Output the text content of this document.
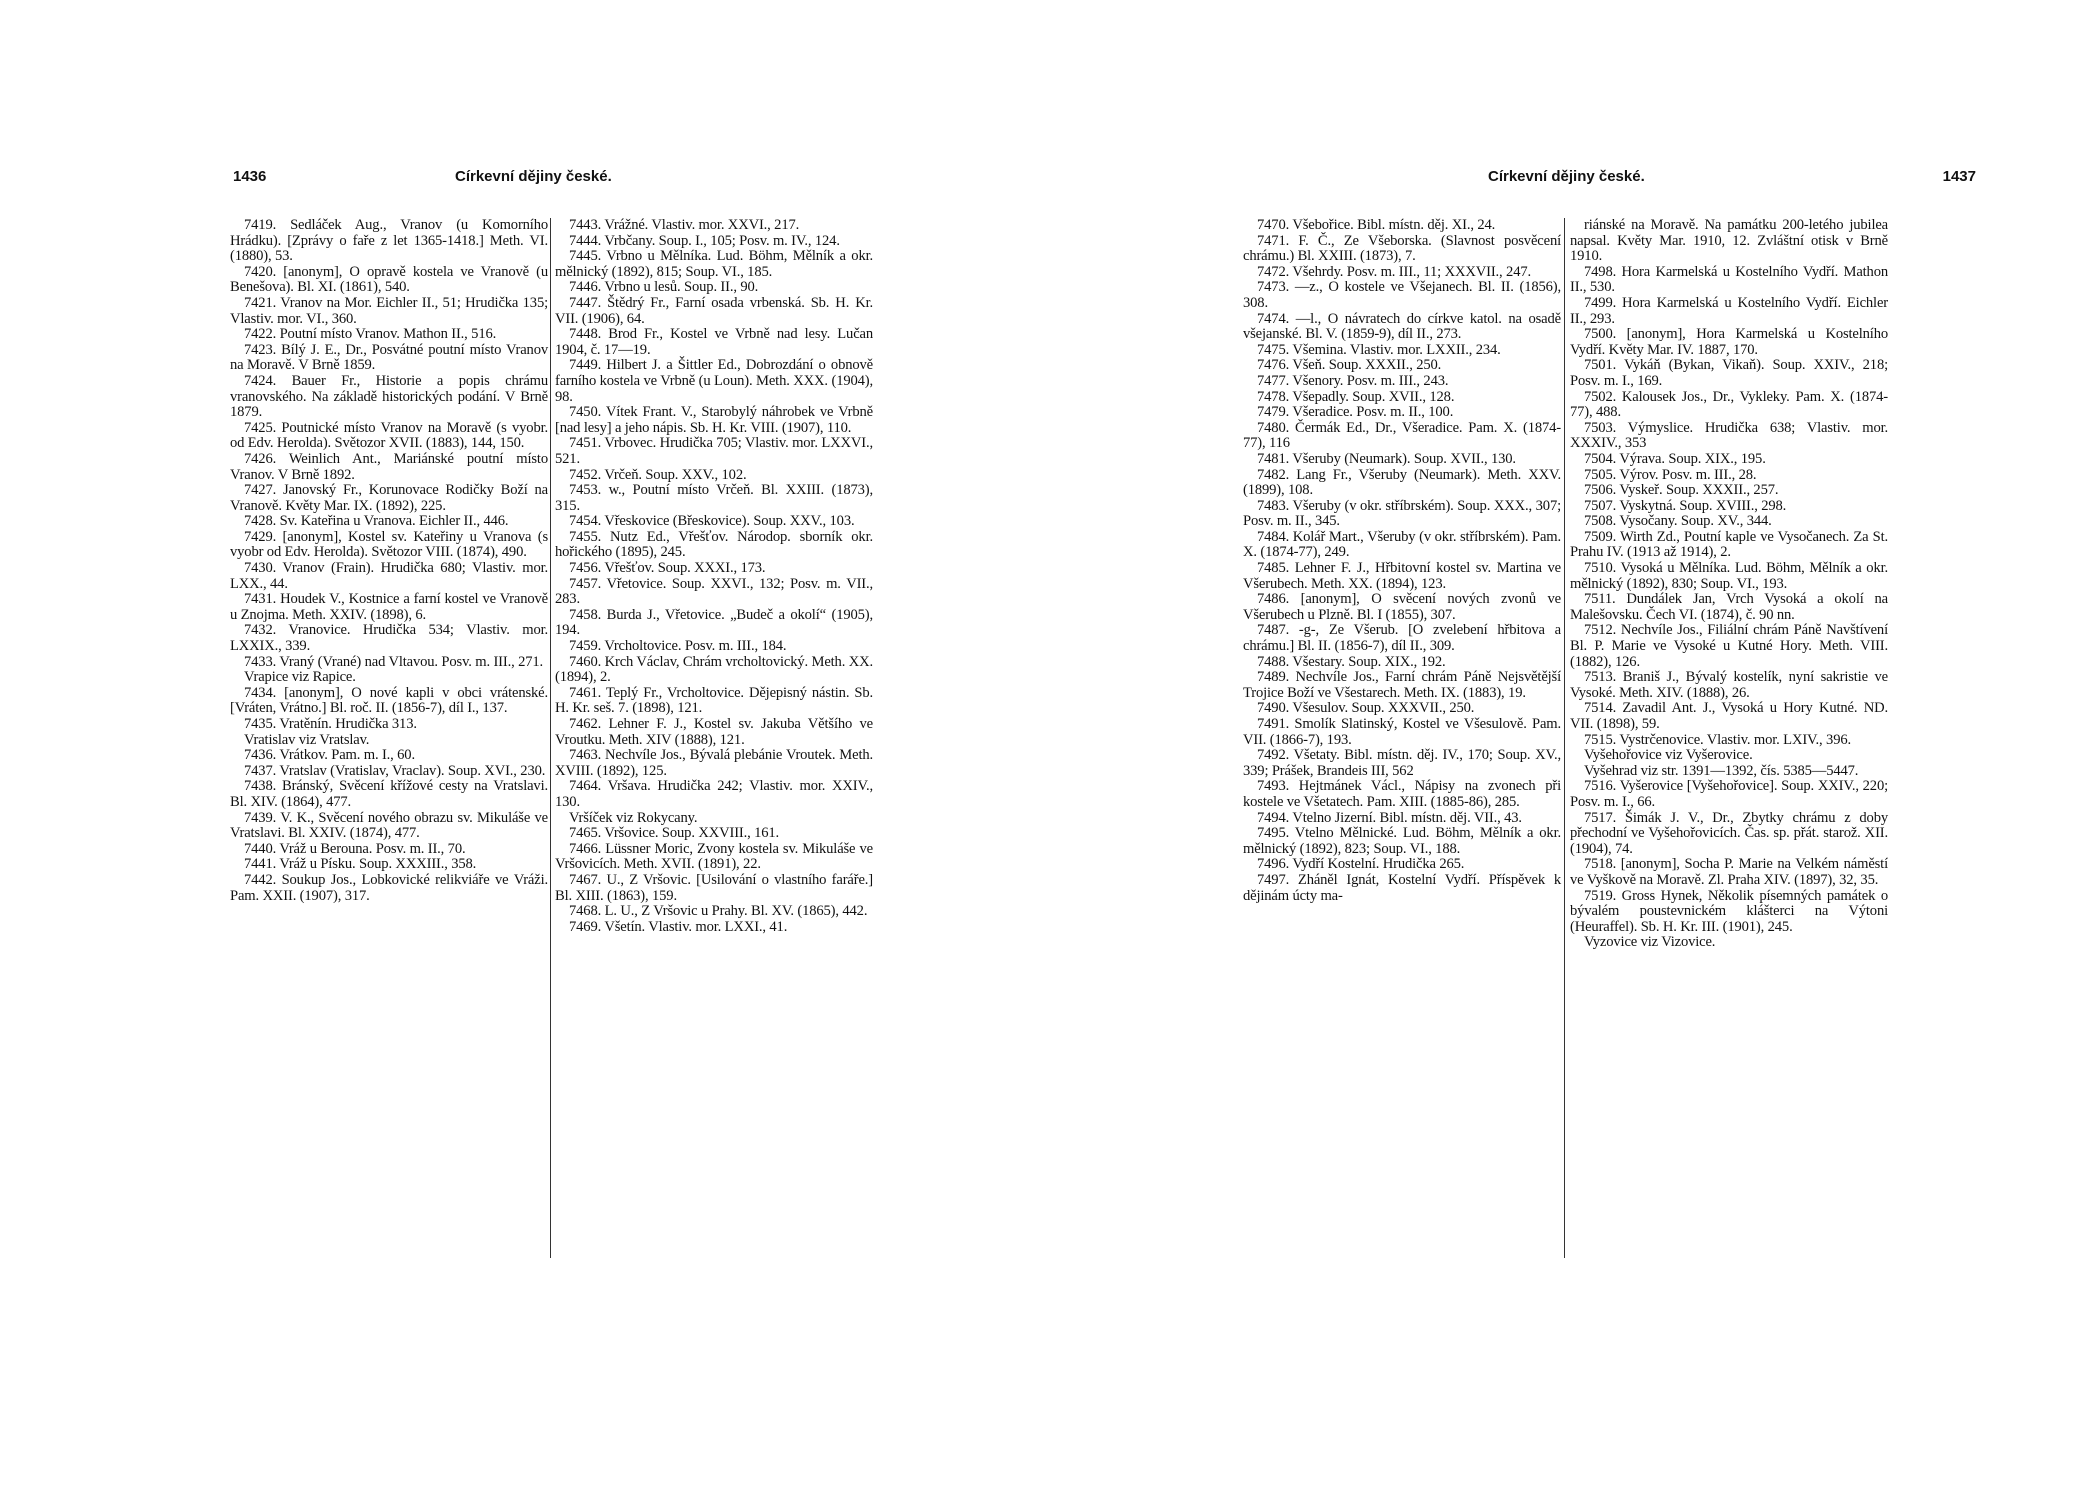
1436	Církevní dějiny české.	Církevní dějiny české.	1437

7419. Sedláček Aug., Vranov (u Komorního Hrádku). [Zprávy o faře z let 1365-1418.] Meth. VI. (1880), 53.

7420. [anonym], O opravě kostela ve Vranově (u Benešova). Bl. XI. (1861), 540.

7421. Vranov na Mor. Eichler II., 51; Hrudička 135; Vlastiv. mor. VI., 360.

7422. Poutní místo Vranov. Mathon II., 516.

7423. Bílý J. E., Dr., Posvátné poutní místo Vranov na Moravě. V Brně 1859.

7424. Bauer Fr., Historie a popis chrámu vranovského. Na základě historických podání. V Brně 1879.

7425. Poutnické místo Vranov na Moravě (s vyobr. od Edv. Herolda). Světozor XVII. (1883), 144, 150.

7426. Weinlich Ant., Mariánské poutní místo Vranov. V Brně 1892.

7427. Janovský Fr., Korunovace Rodičky Boží na Vranově. Květy Mar. IX. (1892), 225.

7428. Sv. Kateřina u Vranova. Eichler II., 446.

7429. [anonym], Kostel sv. Kateřiny u Vranova (s vyobr od Edv. Herolda). Světozor VIII. (1874), 490.

7430. Vranov (Frain). Hrudička 680; Vlastiv. mor. LXX., 44.

7431. Houdek V., Kostnice a farní kostel ve Vranově u Znojma. Meth. XXIV. (1898), 6.

7432. Vranovice. Hrudička 534; Vlastiv. mor. LXXIX., 339.

7433. Vraný (Vrané) nad Vltavou. Posv. m. III., 271.

Vrapice viz Rapice.

7434. [anonym], O nové kapli v obci vrátenské. [Vráten, Vrátno.] Bl. roč. II. (1856-7), díl I., 137.

7435. Vratěnín. Hrudička 313.

Vratislav viz Vratslav.

7436. Vrátkov. Pam. m. I., 60.

7437. Vratslav (Vratislav, Vraclav). Soup. XVI., 230.

7438. Bránský, Svěcení křížové cesty na Vratslavi. Bl. XIV. (1864), 477.

7439. V. K., Svěcení nového obrazu sv. Mikuláše ve Vratslavi. Bl. XXIV. (1874), 477.

7440. Vráž u Berouna. Posv. m. II., 70.

7441. Vráž u Písku. Soup. XXXIII., 358.

7442. Soukup Jos., Lobkovické relikviáře ve Vráži. Pam. XXII. (1907), 317.

7443. Vrážné. Vlastiv. mor. XXVI., 217.

7444. Vrbčany. Soup. I., 105; Posv. m. IV., 124.

7445. Vrbno u Mělníka. Lud. Böhm, Mělník a okr. mělnický (1892), 815; Soup. VI., 185.

7446. Vrbno u lesů. Soup. II., 90.

7447. Štědrý Fr., Farní osada vrbenská. Sb. H. Kr. VII. (1906), 64.

7448. Brod Fr., Kostel ve Vrbně nad lesy. Lučan 1904, č. 17—19.

7449. Hilbert J. a Šittler Ed., Dobrozdání o obnově farního kostela ve Vrbně (u Loun). Meth. XXX. (1904), 98.

7450. Vítek Frant. V., Starobylý náhrobek ve Vrbně [nad lesy] a jeho nápis. Sb. H. Kr. VIII. (1907), 110.

7451. Vrbovec. Hrudička 705; Vlastiv. mor. LXXVI., 521.

7452. Vrčeň. Soup. XXV., 102.

7453. w., Poutní místo Vrčeň. Bl. XXIII. (1873), 315.

7454. Vřeskovice (Břeskovice). Soup. XXV., 103.

7455. Nutz Ed., Vřešťov. Národop. sborník okr. hořického (1895), 245.

7456. Vřešťov. Soup. XXXI., 173.

7457. Vřetovice. Soup. XXVI., 132; Posv. m. VII., 283.

7458. Burda J., Vřetovice. „Budeč a okolí“ (1905), 194.

7459. Vrcholtovice. Posv. m. III., 184.

7460. Krch Václav, Chrám vrcholtovický. Meth. XX. (1894), 2.

7461. Teplý Fr., Vrcholtovice. Dějepisný nástin. Sb. H. Kr. seš. 7. (1898), 121.

7462. Lehner F. J., Kostel sv. Jakuba Většího ve Vroutku. Meth. XIV (1888), 121.

7463. Nechvíle Jos., Bývalá plebánie Vroutek. Meth. XVIII. (1892), 125.

7464. Vršava. Hrudička 242; Vlastiv. mor. XXIV., 130.

Vršíček viz Rokycany.

7465. Vršovice. Soup. XXVIII., 161.

7466. Lüssner Moric, Zvony kostela sv. Mikuláše ve Vršovicích. Meth. XVII. (1891), 22.

7467. U., Z Vršovic. [Usilování o vlastního faráře.] Bl. XIII. (1863), 159.

7468. L. U., Z Vršovic u Prahy. Bl. XV. (1865), 442.

7469. Všetín. Vlastiv. mor. LXXI., 41.

7470. Všebořice. Bibl. místn. děj. XI., 24.

7471. F. Č., Ze Všeborska. (Slavnost posvěcení chrámu.) Bl. XXIII. (1873), 7.

7472. Všehrdy. Posv. m. III., 11; XXXVII., 247.

7473. —z., O kostele ve Všejanech. Bl. II. (1856), 308.

7474. —l., O návratech do církve katol. na osadě všejanské. Bl. V. (1859-9), díl II., 273.

7475. Všemina. Vlastiv. mor. LXXII., 234.

7476. Všeň. Soup. XXXII., 250.

7477. Všenory. Posv. m. III., 243.

7478. Všepadly. Soup. XVII., 128.

7479. Všeradice. Posv. m. II., 100.

7480. Čermák Ed., Dr., Všeradice. Pam. X. (1874-77), 116

7481. Všeruby (Neumark). Soup. XVII., 130.

7482. Lang Fr., Všeruby (Neumark). Meth. XXV. (1899), 108.

7483. Všeruby (v okr. stříbrském). Soup. XXX., 307; Posv. m. II., 345.

7484. Kolář Mart., Všeruby (v okr. stříbrském). Pam. X. (1874-77), 249.

7485. Lehner F. J., Hřbitovní kostel sv. Martina ve Všerubech. Meth. XX. (1894), 123.

7486. [anonym], O svěcení nových zvonů ve Všerubech u Plzně. Bl. I (1855), 307.

7487. -g-, Ze Všerub. [O zvelebení hřbitova a chrámu.] Bl. II. (1856-7), díl II., 309.

7488. Všestary. Soup. XIX., 192.

7489. Nechvíle Jos., Farní chrám Páně Nejsvětější Trojice Boží ve Všestarech. Meth. IX. (1883), 19.

7490. Všesulov. Soup. XXXVII., 250.

7491. Smolík Slatinský, Kostel ve Všesulově. Pam. VII. (1866-7), 193.

7492. Všetaty. Bibl. místn. děj. IV., 170; Soup. XV., 339; Prášek, Brandeis III, 562

7493. Hejtmánek Václ., Nápisy na zvonech při kostele ve Všetatech. Pam. XIII. (1885-86), 285.

7494. Vtelno Jizerní. Bibl. místn. děj. VII., 43.

7495. Vtelno Mělnické. Lud. Böhm, Mělník a okr. mělnický (1892), 823; Soup. VI., 188.

7496. Vydří Kostelní. Hrudička 265.

7497. Zháněl Ignát, Kostelní Vydří. Příspěvek k dějinám úcty ma-

riánské na Moravě. Na památku 200-letého jubilea napsal. Květy Mar. 1910, 12. Zvláštní otisk v Brně 1910.

7498. Hora Karmelská u Kostelního Vydří. Mathon II., 530.

7499. Hora Karmelská u Kostelního Vydří. Eichler II., 293.

7500. [anonym], Hora Karmelská u Kostelního Vydří. Květy Mar. IV. 1887, 170.

7501. Vykáň (Bykan, Vikaň). Soup. XXIV., 218; Posv. m. I., 169.

7502. Kalousek Jos., Dr., Vykleky. Pam. X. (1874-77), 488.

7503. Výmyslice. Hrudička 638; Vlastiv. mor. XXXIV., 353

7504. Výrava. Soup. XIX., 195.

7505. Výrov. Posv. m. III., 28.

7506. Vyskeř. Soup. XXXII., 257.

7507. Vyskytná. Soup. XVIII., 298.

7508. Vysočany. Soup. XV., 344.

7509. Wirth Zd., Poutní kaple ve Vysočanech. Za St. Prahu IV. (1913 až 1914), 2.

7510. Vysoká u Mělníka. Lud. Böhm, Mělník a okr. mělnický (1892), 830; Soup. VI., 193.

7511. Dundálek Jan, Vrch Vysoká a okolí na Malešovsku. Čech VI. (1874), č. 90 nn.

7512. Nechvíle Jos., Filiální chrám Páně Navštívení Bl. P. Marie ve Vysoké u Kutné Hory. Meth. VIII. (1882), 126.

7513. Braniš J., Bývalý kostelík, nyní sakristie ve Vysoké. Meth. XIV. (1888), 26.

7514. Zavadil Ant. J., Vysoká u Hory Kutné. ND. VII. (1898), 59.

7515. Vystrčenovice. Vlastiv. mor. LXIV., 396.

Vyšehořovice viz Vyšerovice.

Vyšehrad viz str. 1391—1392, čís. 5385—5447.

7516. Vyšerovice [Vyšehořovice]. Soup. XXIV., 220; Posv. m. I., 66.

7517. Šimák J. V., Dr., Zbytky chrámu z doby přechodní ve Vyšehořovicích. Čas. sp. přát. starož. XII. (1904), 74.

7518. [anonym], Socha P. Marie na Velkém náměstí ve Vyškově na Moravě. Zl. Praha XIV. (1897), 32, 35.

7519. Gross Hynek, Několik písemných památek o bývalém poustevnickém klášterci na Výtoni (Heuraffel). Sb. H. Kr. III. (1901), 245.

Vyzovice viz Vizovice.
